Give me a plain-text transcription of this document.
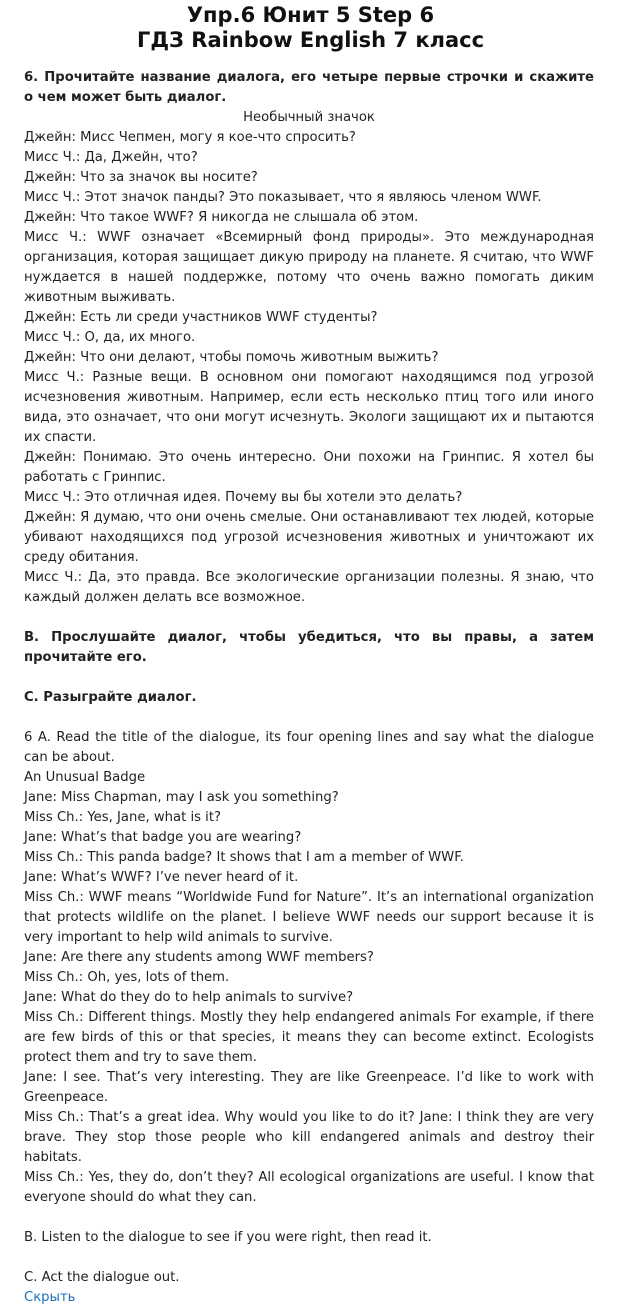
Упр.6 Юнит 5 Step 6
ГДЗ Rainbow English 7 класс

6. Прочитайте название диалога, его четыре первые строчки и скажите о чем может быть диалог.

Необычный значок

Джейн: Мисс Чепмен, могу я кое-что спросить?

Мисс Ч.: Да, Джейн, что?

Джейн: Что за значок вы носите?

Мисс Ч.: Этот значок панды? Это показывает, что я являюсь членом WWF.

Джейн: Что такое WWF? Я никогда не слышала об этом.

Мисс Ч.: WWF означает «Всемирный фонд природы». Это международная организация, которая защищает дикую природу на планете. Я считаю, что WWF нуждается в нашей поддержке, потому что очень важно помогать диким животным выживать.

Джейн: Есть ли среди участников WWF студенты?

Мисс Ч.: О, да, их много.

Джейн: Что они делают, чтобы помочь животным выжить?

Мисс Ч.: Разные вещи. В основном они помогают находящимся под угрозой исчезновения животным. Например, если есть несколько птиц того или иного вида, это означает, что они могут исчезнуть. Экологи защищают их и пытаются их спасти.

Джейн: Понимаю. Это очень интересно. Они похожи на Гринпис. Я хотел бы работать с Гринпис.

Мисс Ч.: Это отличная идея. Почему вы бы хотели это делать?

Джейн: Я думаю, что они очень смелые. Они останавливают тех людей, которые убивают находящихся под угрозой исчезновения животных и уничтожают их среду обитания.

Мисс Ч.: Да, это правда. Все экологические организации полезны. Я знаю, что каждый должен делать все возможное.

B. Прослушайте диалог, чтобы убедиться, что вы правы, а затем прочитайте его.

C. Разыграйте диалог.

6 A. Read the title of the dialogue, its four opening lines and say what the dialogue can be about.

An Unusual Badge

Jane: Miss Chapman, may I ask you something?

Miss Ch.: Yes, Jane, what is it?

Jane: What’s that badge you are wearing?

Miss Ch.: This panda badge? It shows that I am a member of WWF.

Jane: What’s WWF? I’ve never heard of it.

Miss Ch.: WWF means “Worldwide Fund for Nature”. It’s an international organization that protects wildlife on the planet. I believe WWF needs our support because it is very important to help wild animals to survive.

Jane: Are there any students among WWF members?

Miss Ch.: Oh, yes, lots of them.

Jane: What do they do to help animals to survive?

Miss Ch.: Different things. Mostly they help endangered animals For example, if there are few birds of this or that species, it means they can become extinct. Ecologists protect them and try to save them.

Jane: I see. That’s very interesting. They are like Greenpeace. I’d like to work with Greenpeace.

Miss Ch.: That’s a great idea. Why would you like to do it? Jane: I think they are very brave. They stop those people who kill endangered animals and destroy their habitats.

Miss Ch.: Yes, they do, don’t they? All ecological organizations are useful. I know that everyone should do what they can.

B. Listen to the dialogue to see if you were right, then read it.

C. Act the dialogue out.

Скрыть
